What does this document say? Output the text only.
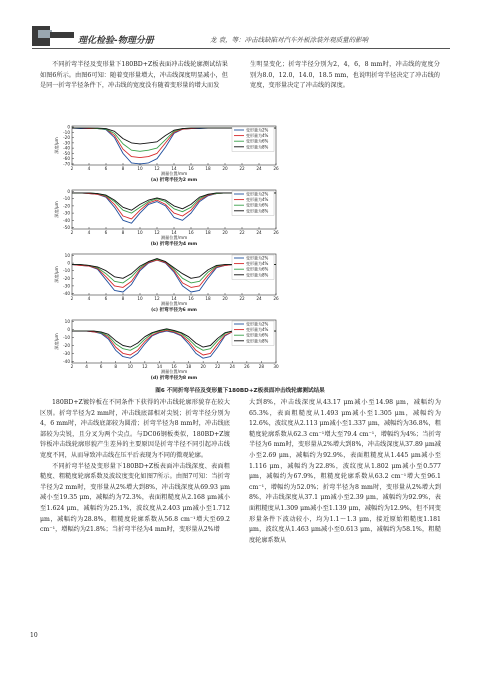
理化检验-物理分册	龙 袁，等：冲击线缺陷对汽车外板涂装外观质量的影响

不同折弯半径及变形量下180BD+Z板表面冲击线轮廓测试结果如图6所示。由图6可知：随着变形量增大，冲击线深度明显减小，但是同一折弯半径条件下，冲击线的宽度没有随着变形量的增大而发

生明显变化；折弯半径分别为2，4，6，8 mm时，冲击线的宽度分别为8.0，12.0，14.0，18.5 mm，也说明折弯半径决定了冲击线的宽度，变形量决定了冲击线的深度。

0
-10
-20
-30
-40
-50
-60
-70
2	4	6	8	10	12	14	16	18	20	22	24	26
深度/μm
测量位置/mm
(a) 折弯半径为2 mm
变形量为2%
变形量为4%
变形量为6%
变形量为8%
0
-10
-20
-30
-40
-50
2	4	6	8	10	12	14	16	18	20	22	24	26
深度/μm
测量位置/mm
(b) 折弯半径为4 mm
变形量为2%
变形量为4%
变形量为6%
变形量为8%
10
0
-10
-20
-30
-40
2	4	6	8	10	12	14	16	18	20	22	24	26
深度/μm
测量位置/mm
(c) 折弯半径为6 mm
变形量为2%
变形量为4%
变形量为6%
变形量为8%
10
0
-10
-20
-30
-40
2	4	6	8	10 12 14 16 18 20 22 24 26 28 30
深度/μm
测量位置/mm
(d) 折弯半径为8 mm
变形量为2%
变形量为4%
变形量为6%
变形量为8%
图6 不同折弯半径及变形量下180BD+Z板表面冲击线轮廓测试结果

180BD+Z镀锌板在不同条件下获得的冲击线轮廓形貌存在较大区别。折弯半径为2 mm时，冲击线底部相对尖锐；折弯半径分别为4，6 mm时，冲击线底部较为圆滑；折弯半径为8 mm时，冲击线底部较为尖锐，且分叉为两个尖点。与DC06钢板类似，180BD+Z镀锌板冲击线轮廓形貌产生差异的主要原因是折弯半径不同引起冲击线宽度不同，从而导致冲击线在压平后表现为不同的微观轮廓。

不同折弯半径及变形量下180BD+Z板表面冲击线深度、表面粗糙度、粗糙度轮廓系数及波纹度变化如图7所示。由图7可知：当折弯半径为2 mm时，变形量从2%增大到8%，冲击线深度从69.93 μm减小至19.35 μm，减幅约为72.3%，表面粗糙度从2.168 μm减小至1.624 μm，减幅约为25.1%，波纹度从2.403 μm减小至1.712 μm，减幅约为28.8%，粗糙度轮廓系数从56.8 cm⁻¹增大至69.2 cm⁻¹，增幅约为21.8%；当折弯半径为4 mm时，变形量从2%增

大到8%，冲击线深度从43.17 μm减小至14.98 μm，减幅约为65.3%，表面粗糙度从1.493 μm减小至1.305 μm，减幅约为12.6%，波纹度从2.113 μm减小至1.337 μm，减幅约为36.8%，粗糙度轮廓系数从62.3 cm⁻¹增大至79.4 cm⁻¹，增幅约为4%；当折弯半径为6 mm时，变形量从2%增大到8%，冲击线深度从37.89 μm减小至2.69 μm，减幅约为92.9%，表面粗糙度从1.445 μm减小至1.116 μm，减幅约为22.8%，波纹度从1.802 μm减小至0.577 μm，减幅约为67.9%，粗糙度轮廓系数从63.2 cm⁻¹增大至96.1 cm⁻¹，增幅约为52.0%；折弯半径为8 mm时，变形量从2%增大到8%，冲击线深度从37.1 μm减小至2.39 μm，减幅约为92.9%，表面粗糙度从1.309 μm减小至1.139 μm，减幅约为12.9%，但不同变形量条件下波动较小，均为1.1～1.3 μm，接近原始粗糙度1.181 μm，波纹度从1.463 μm减小至0.613 μm，减幅约为58.1%，粗糙度轮廓系数从

10
